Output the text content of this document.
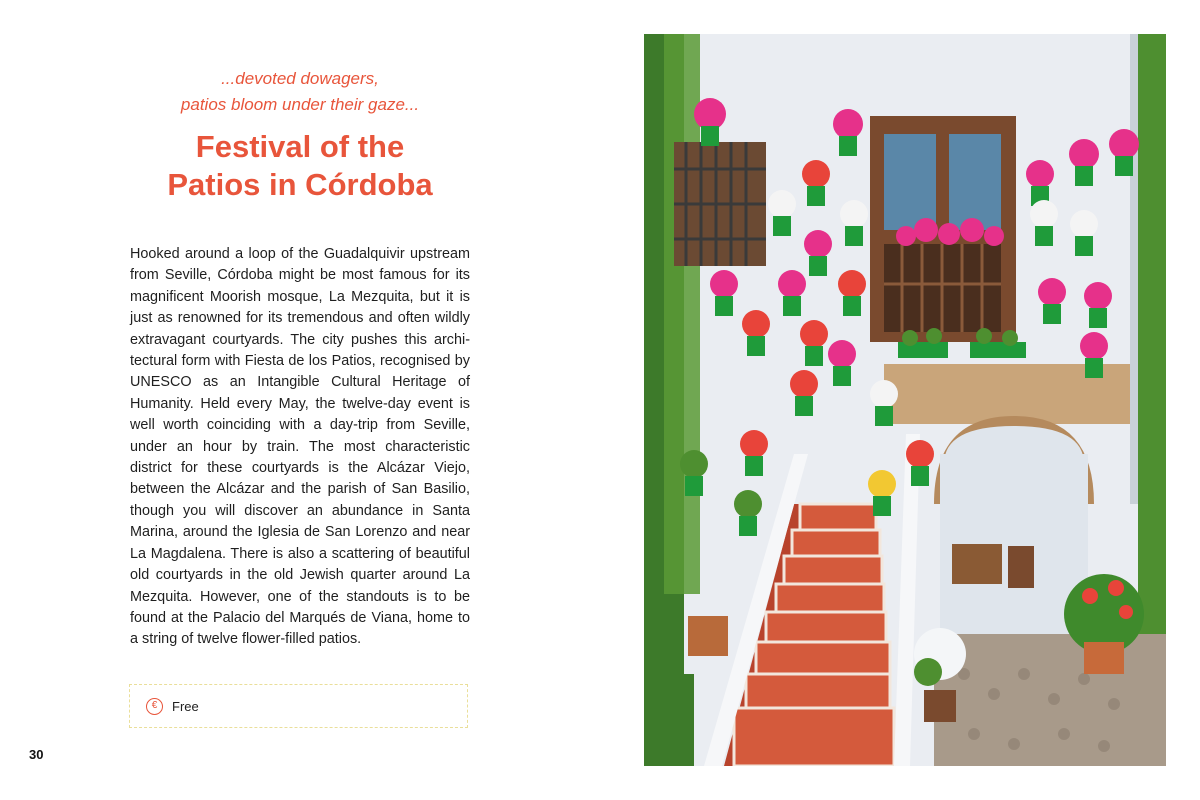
...devoted dowagers,
patios bloom under their gaze...
Festival of the
Patios in Córdoba
Hooked around a loop of the Guadalquivir upstream from Seville, Córdoba might be most famous for its magnificent Moorish mosque, La Mezquita, but it is just as renowned for its tremendous and often wildly extravagant courtyards. The city pushes this architectural form with Fiesta de los Patios, recognised by UNESCO as an Intangible Cultural Heritage of Humanity. Held every May, the twelve-day event is well worth coinciding with a day-trip from Seville, under an hour by train. The most characteristic district for these courtyards is the Alcázar Viejo, between the Alcázar and the parish of San Basilio, though you will discover an abundance in Santa Marina, around the Iglesia de San Lorenzo and near La Magdalena. There is also a scattering of beautiful old courtyards in the old Jewish quarter around La Mezquita. However, one of the standouts is to be found at the Palacio del Marqués de Viana, home to a string of twelve flower-filled patios.
€	Free
30
